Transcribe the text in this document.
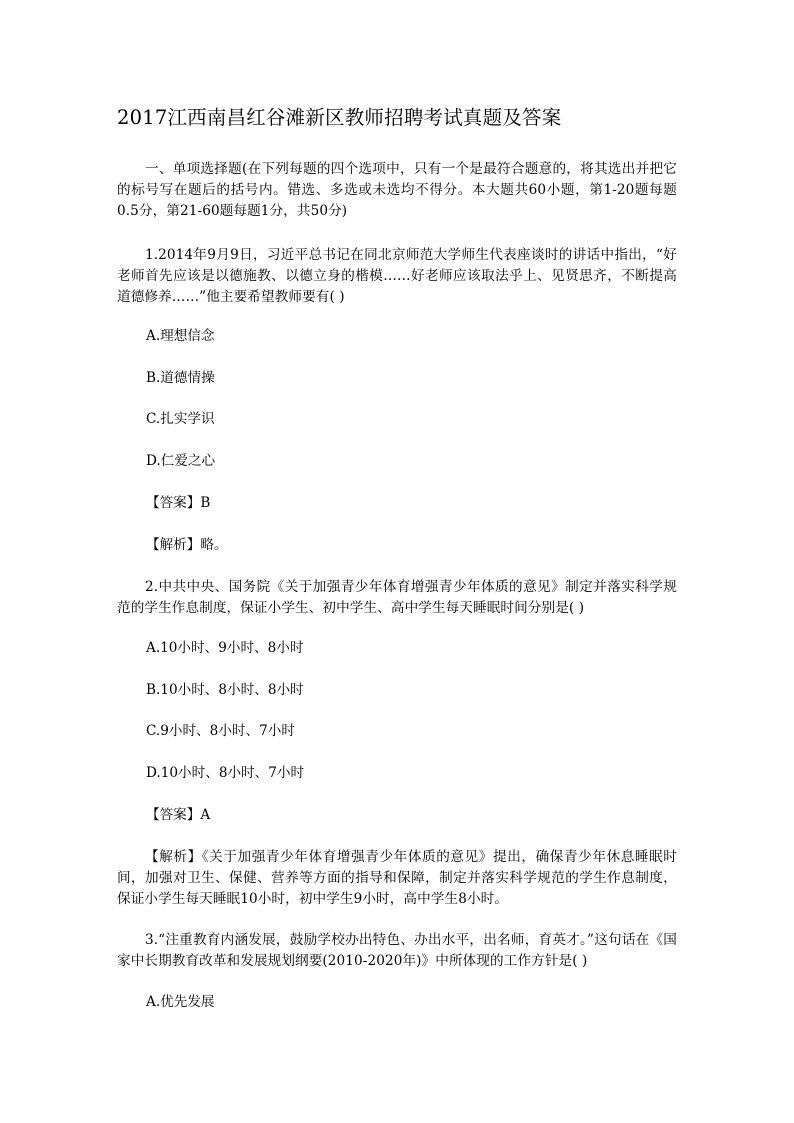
2017江西南昌红谷滩新区教师招聘考试真题及答案
一、单项选择题(在下列每题的四个选项中，只有一个是最符合题意的，将其选出并把它的标号写在题后的括号内。错选、多选或未选均不得分。本大题共60小题，第1-20题每题0.5分，第21-60题每题1分，共50分)
1.2014年9月9日，习近平总书记在同北京师范大学师生代表座谈时的讲话中指出，“好老师首先应该是以德施教、以德立身的楷模……好老师应该取法乎上、见贤思齐，不断提高道德修养……”他主要希望教师要有( )
A.理想信念
B.道德情操
C.扎实学识
D.仁爱之心
【答案】B
【解析】略。
2.中共中央、国务院《关于加强青少年体育增强青少年体质的意见》制定并落实科学规范的学生作息制度，保证小学生、初中学生、高中学生每天睡眠时间分别是( )
A.10小时、9小时、8小时
B.10小时、8小时、8小时
C.9小时、8小时、7小时
D.10小时、8小时、7小时
【答案】A
【解析】《关于加强青少年体育增强青少年体质的意见》提出，确保青少年休息睡眠时间，加强对卫生、保健、营养等方面的指导和保障，制定并落实科学规范的学生作息制度，保证小学生每天睡眠10小时，初中学生9小时，高中学生8小时。
3.“注重教育内涵发展，鼓励学校办出特色、办出水平，出名师，育英才。”这句话在《国家中长期教育改革和发展规划纲要(2010-2020年)》中所体现的工作方针是( )
A.优先发展
